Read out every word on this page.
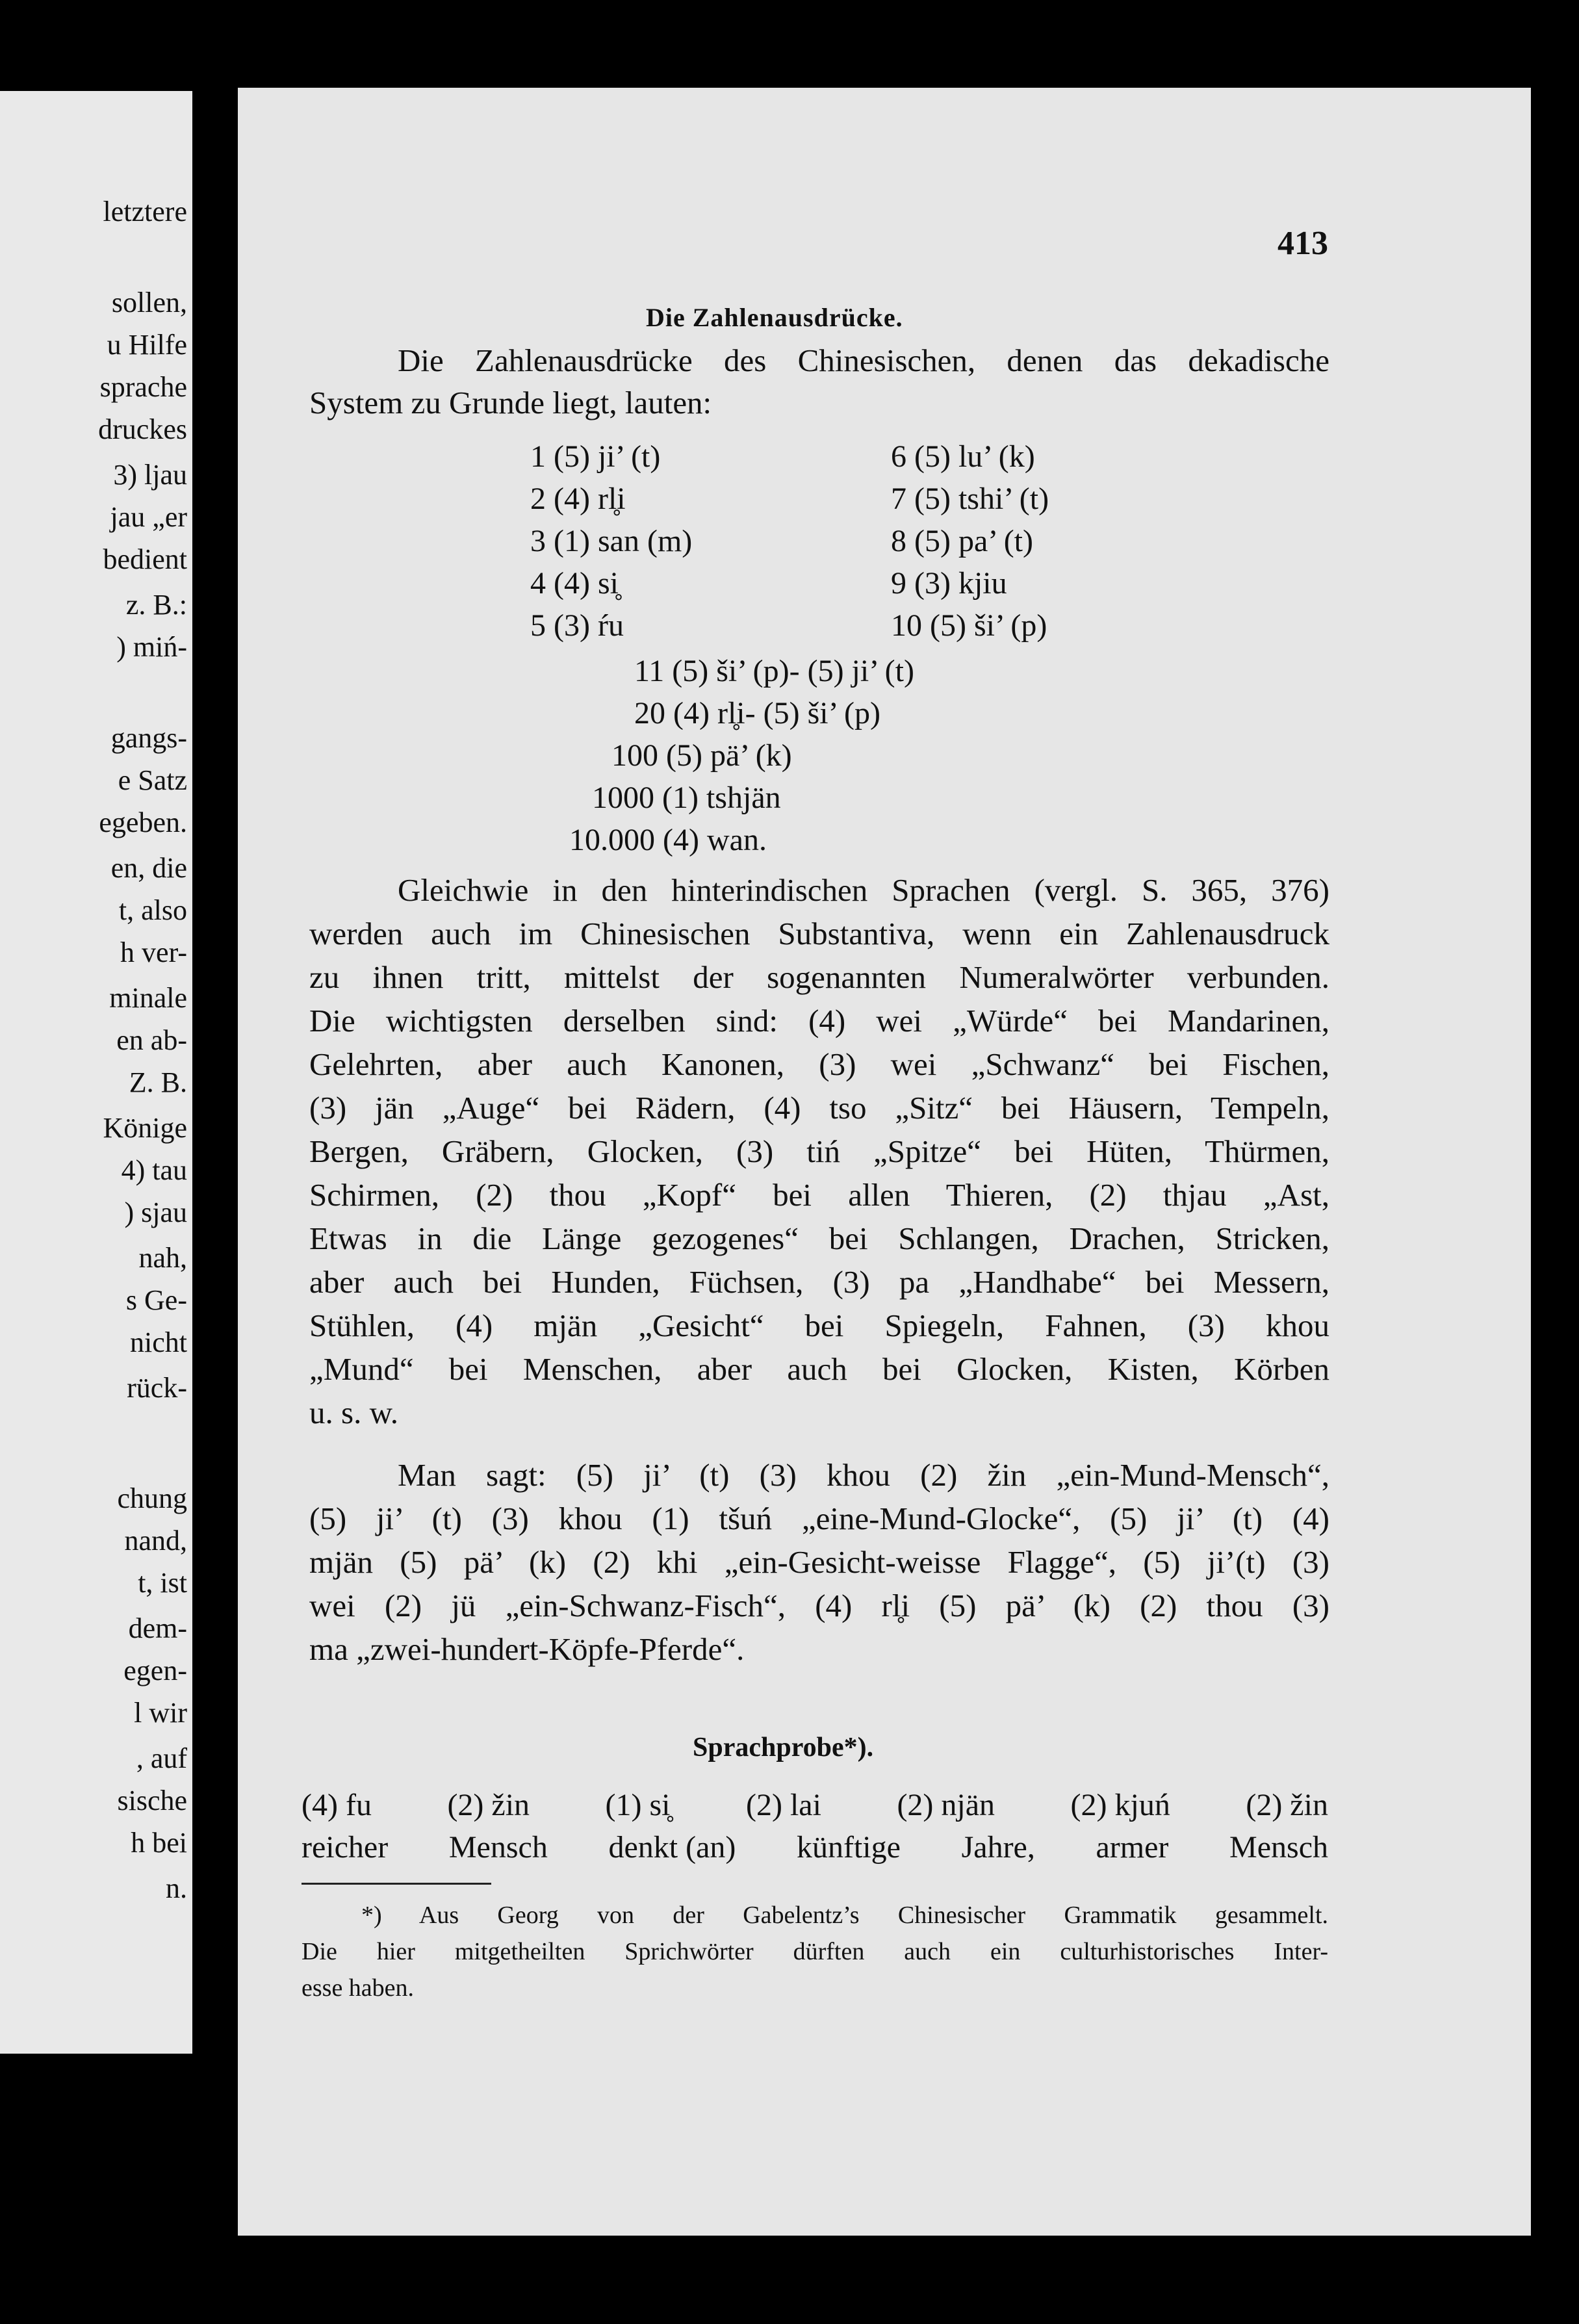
letztere
sollen,
u Hilfe
sprache
druckes
3) ljau
jau „er
bedient
z. B.:
) miń-
gangs-
e Satz
egeben.
en, die
t, also
h ver-
minale
en ab-
Z. B.
Könige
4) tau
) sjau
nah,
s Ge-
nicht
rück-
chung
nand,
t, ist
dem-
egen-
l wir
, auf
sische
h bei
n.
413
Die Zahlenausdrücke.
Die Zahlenausdrücke des Chinesischen, denen das dekadische
System zu Grunde liegt, lauten:
1 (5) ji’ (t)
2 (4) rl̥i
3 (1) san (m)
4 (4) si̥
5 (3) ŕu
6 (5) lu’ (k)
7 (5) tshi’ (t)
8 (5) pa’ (t)
9 (3) kjiu
10 (5) ši’ (p)
11 (5) ši’ (p)- (5) ji’ (t)
20 (4) rl̥i- (5) ši’ (p)
100 (5) pä’ (k)
1000 (1) tshjän
10.000 (4) wan.
Gleichwie in den hinterindischen Sprachen (vergl. S. 365, 376)
werden auch im Chinesischen Substantiva, wenn ein Zahlenausdruck
zu ihnen tritt, mittelst der sogenannten Numeralwörter verbunden.
Die wichtigsten derselben sind: (4) wei „Würde“ bei Mandarinen,
Gelehrten, aber auch Kanonen, (3) wei „Schwanz“ bei Fischen,
(3) jän „Auge“ bei Rädern, (4) tso „Sitz“ bei Häusern, Tempeln,
Bergen, Gräbern, Glocken, (3) tiń „Spitze“ bei Hüten, Thürmen,
Schirmen, (2) thou „Kopf“ bei allen Thieren, (2) thjau „Ast,
Etwas in die Länge gezogenes“ bei Schlangen, Drachen, Stricken,
aber auch bei Hunden, Füchsen, (3) pa „Handhabe“ bei Messern,
Stühlen, (4) mjän „Gesicht“ bei Spiegeln, Fahnen, (3) khou
„Mund“ bei Menschen, aber auch bei Glocken, Kisten, Körben
u. s. w.
Man sagt: (5) ji’ (t) (3) khou (2) žin „ein-Mund-Mensch“,
(5) ji’ (t) (3) khou (1) tšuń „eine-Mund-Glocke“, (5) ji’ (t) (4)
mjän (5) pä’ (k) (2) khi „ein-Gesicht-weisse Flagge“, (5) ji’(t) (3)
wei (2) jü „ein-Schwanz-Fisch“, (4) rl̥i (5) pä’ (k) (2) thou (3)
ma „zwei-hundert-Köpfe-Pferde“.
Sprachprobe*).
(4) fu (2) žin (1) si̥ (2) lai (2) njän (2) kjuń (2) žin
reicher Mensch denkt (an) künftige Jahre, armer Mensch
*) Aus Georg von der Gabelentz’s Chinesischer Grammatik gesammelt.
Die hier mitgetheilten Sprichwörter dürften auch ein culturhistorisches Inter-
esse haben.
